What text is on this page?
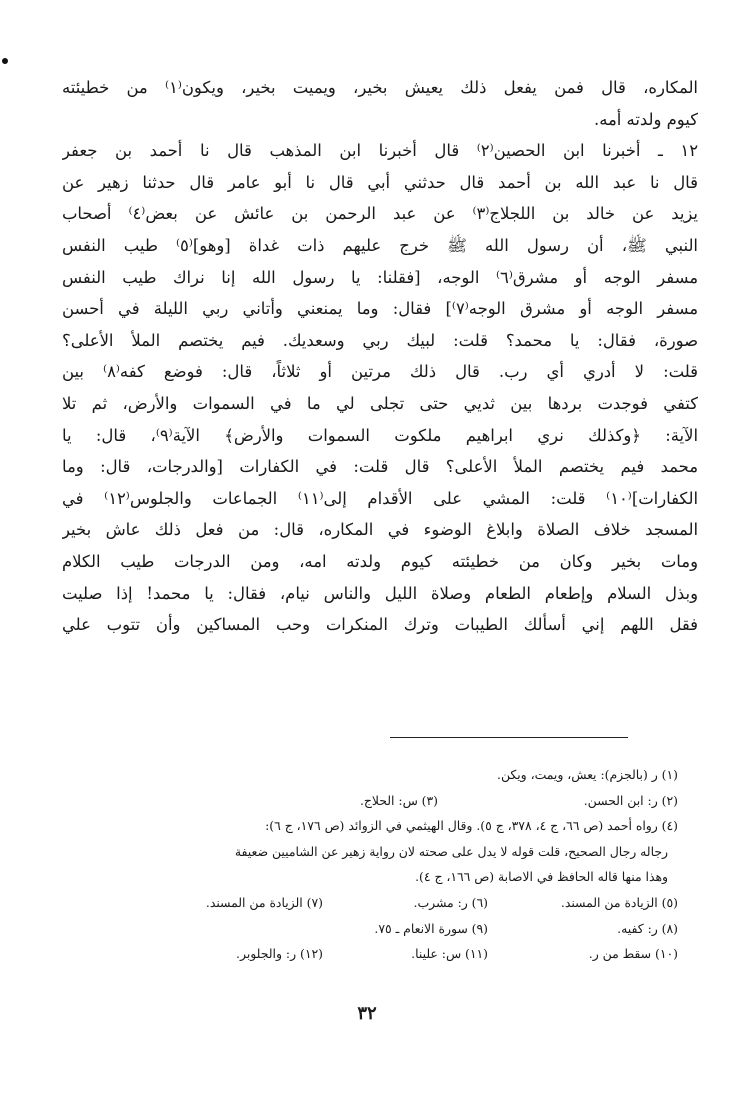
المكاره، قال فمن يفعل ذلك يعيش بخير، ويميت بخير، ويكون⁽١⁾ من خطيئته
كيوم ولدته أمه.
١٢ ـ أخبرنا ابن الحصين⁽٢⁾ قال أخبرنا ابن المذهب قال نا أحمد بن جعفر
قال نا عبد الله بن أحمد قال حدثني أبي قال نا أبو عامر قال حدثنا زهير عن
يزيد عن خالد بن اللجلاج⁽٣⁾ عن عبد الرحمن بن عائش عن بعض⁽٤⁾ أصحاب
النبي ﷺ، أن رسول الله ﷺ خرج عليهم ذات غداة [وهو]⁽٥⁾ طيب النفس
مسفر الوجه أو مشرق⁽٦⁾ الوجه، [فقلنا: يا رسول الله إنا نراك طيب النفس
مسفر الوجه أو مشرق الوجه⁽٧⁾] فقال: وما يمنعني وأتاني ربي الليلة في أحسن
صورة، فقال: يا محمد؟ قلت: لبيك ربي وسعديك. فيم يختصم الملأ الأعلى؟
قلت: لا أدري أي رب. قال ذلك مرتين أو ثلاثاً، قال: فوضع كفه⁽٨⁾ بين
كتفي فوجدت بردها بين ثديي حتى تجلى لي ما في السموات والأرض، ثم تلا
الآية: ﴿وكذلك نري ابراهيم ملكوت السموات والأرض﴾ الآية⁽٩⁾، قال: يا
محمد فيم يختصم الملأ الأعلى؟ قال قلت: في الكفارات [والدرجات، قال: وما
الكفارات]⁽١٠⁾ قلت: المشي على الأقدام إلى⁽١١⁾ الجماعات والجلوس⁽١٢⁾ في
المسجد خلاف الصلاة وابلاغ الوضوء في المكاره، قال: من فعل ذلك عاش بخير
ومات بخير وكان من خطيئته كيوم ولدته امه، ومن الدرجات طيب الكلام
وبذل السلام وإطعام الطعام وصلاة الليل والناس نيام، فقال: يا محمد! إذا صليت
فقل اللهم إني أسألك الطيبات وترك المنكرات وحب المساكين وأن تتوب علي
(١) ر (بالجزم): يعش، ويمت، ويكن.
(٢) ر: ابن الحسن.
(٣) س: الحلاج.
(٤) رواه أحمد (ص ٦٦، ج ٤، ٣٧٨، ج ٥). وقال الهيثمي في الزوائد (ص ١٧٦، ج ٦):
رجاله رجال الصحيح، قلت قوله لا يدل على صحته لان رواية زهير عن الشاميين ضعيفة
وهذا منها قاله الحافظ في الاصابة (ص ١٦٦، ج ٤).
(٥) الزيادة من المسند.
(٦) ر: مشرب.
(٧) الزيادة من المسند.
(٨) ر: كفيه.
(٩) سورة الانعام ـ ٧٥.
(١٠) سقط من ر.
(١١) س: علينا.
(١٢) ر: والجلوبر.
٣٢
